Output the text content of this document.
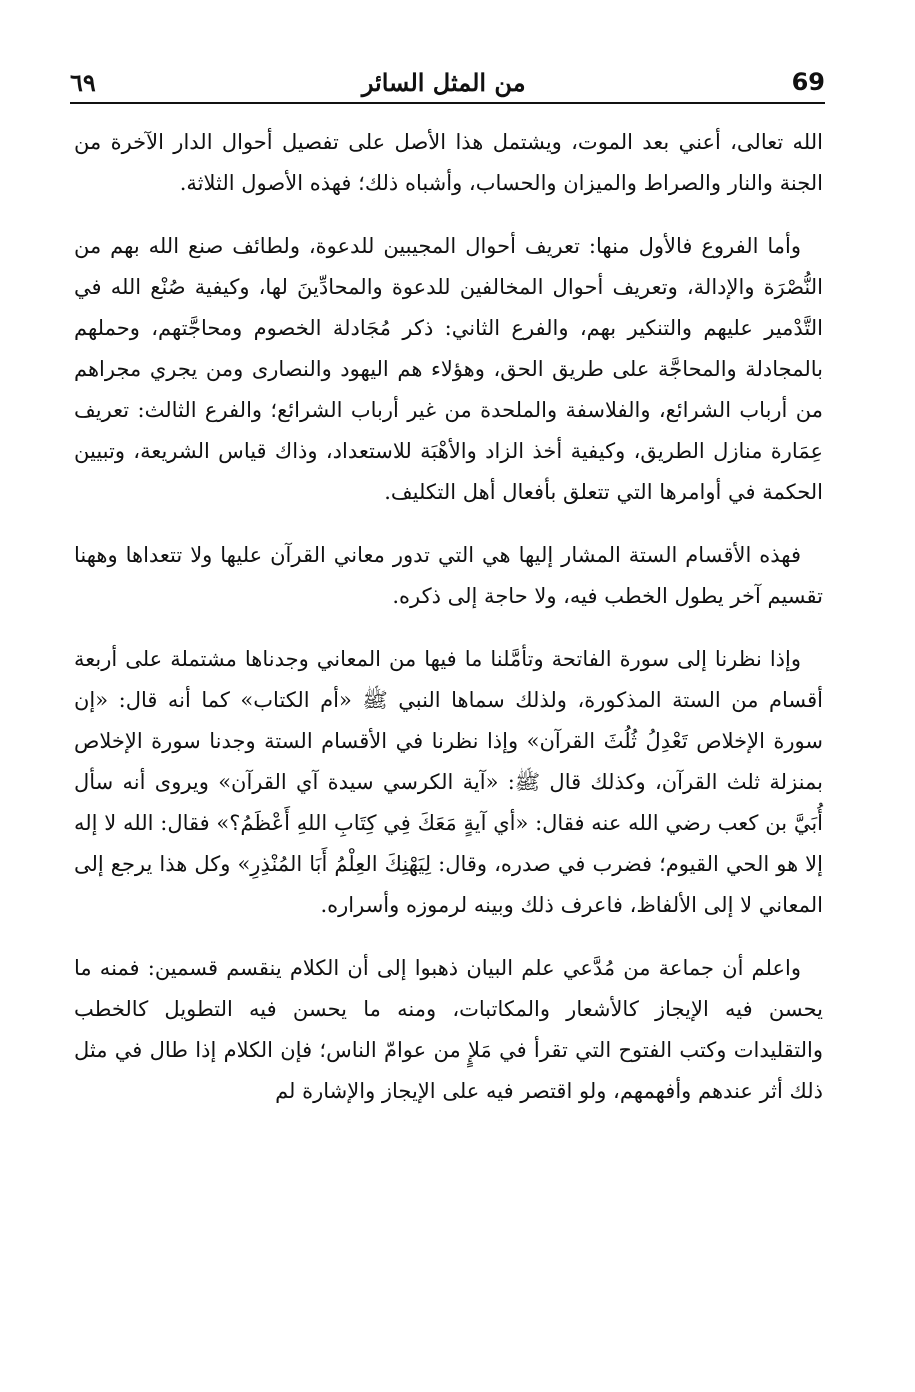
٦٩	من المثل السائر	69

الله تعالى، أعني بعد الموت، ويشتمل هذا الأصل على تفصيل أحوال الدار الآخرة من الجنة والنار والصراط والميزان والحساب، وأشباه ذلك؛ فهذه الأصول الثلاثة.

وأما الفروع فالأول منها: تعريف أحوال المجيبين للدعوة، ولطائف صنع الله بهم من النُّصْرَة والإدالة، وتعريف أحوال المخالفين للدعوة والمحادِّينَ لها، وكيفية صُنْع الله في التَّدْمير عليهم والتنكير بهم، والفرع الثاني: ذكر مُجَادلة الخصوم ومحاجَّتهم، وحملهم بالمجادلة والمحاجَّة على طريق الحق، وهؤلاء هم اليهود والنصارى ومن يجري مجراهم من أرباب الشرائع، والفلاسفة والملحدة من غير أرباب الشرائع؛ والفرع الثالث: تعريف عِمَارة منازل الطريق، وكيفية أخذ الزاد والأهْبَة للاستعداد، وذاك قياس الشريعة، وتبيين الحكمة في أوامرها التي تتعلق بأفعال أهل التكليف.

فهذه الأقسام الستة المشار إليها هي التي تدور معاني القرآن عليها ولا تتعداها وههنا تقسيم آخر يطول الخطب فيه، ولا حاجة إلى ذكره.

وإذا نظرنا إلى سورة الفاتحة وتأمَّلنا ما فيها من المعاني وجدناها مشتملة على أربعة أقسام من الستة المذكورة، ولذلك سماها النبي ﷺ «أم الكتاب» كما أنه قال: «إن سورة الإخلاص تَعْدِلُ ثُلُثَ القرآن» وإذا نظرنا في الأقسام الستة وجدنا سورة الإخلاص بمنزلة ثلث القرآن، وكذلك قال ﷺ: «آية الكرسي سيدة آي القرآن» ويروى أنه سأل أُبَيَّ بن كعب رضي الله عنه فقال: «أي آيةٍ مَعَكَ فِي كِتَابِ اللهِ أَعْظَمُ؟» فقال: الله لا إله إلا هو الحي القيوم؛ فضرب في صدره، وقال: لِيَهْنِكَ العِلْمُ أَبَا المُنْذِرِ» وكل هذا يرجع إلى المعاني لا إلى الألفاظ، فاعرف ذلك وبينه لرموزه وأسراره.

واعلم أن جماعة من مُدَّعي علم البيان ذهبوا إلى أن الكلام ينقسم قسمين: فمنه ما يحسن فيه الإيجاز كالأشعار والمكاتبات، ومنه ما يحسن فيه التطويل كالخطب والتقليدات وكتب الفتوح التي تقرأ في مَلإٍ من عوامّ الناس؛ فإن الكلام إذا طال في مثل ذلك أثر عندهم وأفهمهم، ولو اقتصر فيه على الإيجاز والإشارة لم
